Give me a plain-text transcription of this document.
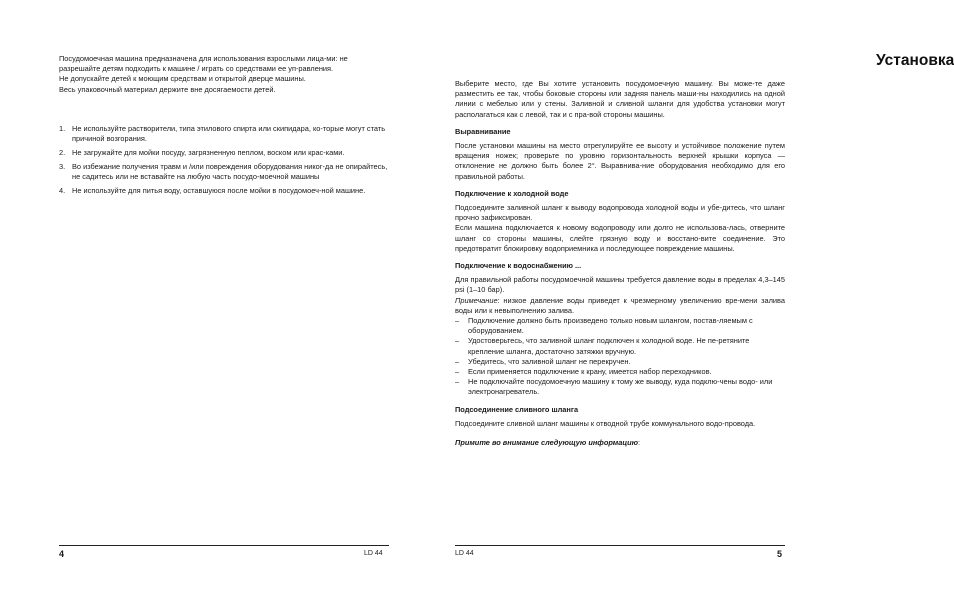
Посудомоечная машина предназначена для использования взрослыми лица-ми: не разрешайте детям подходить к машине / играть со средствами ее уп-равления.

Не допускайте детей к моющим средствам и открытой дверце машины.

Весь упаковочный материал держите вне досягаемости детей.

1. Не используйте растворители, типа этилового спирта или скипидара, ко-торые могут стать причиной возгорания.
2. Не загружайте для мойки посуду, загрязненную пеплом, воском или крас-ками.
3. Во избежание получения травм и /или повреждения оборудования никог-да не опирайтесь, не садитесь или не вставайте на любую часть посудо-моечной машины
4. Не используйте для питья воду, оставшуюся после мойки в посудомоеч-ной машине.
4	LD 44
Установка

Выберите место, где Вы хотите установить посудомоечную машину. Вы може-те даже разместить ее так, чтобы боковые стороны или задняя панель маши-ны находились на одной линии с мебелью или у стены. Заливной и сливной шланги для удобства установки могут располагаться как с левой, так и с пра-вой стороны машины.

Выравнивание

После установки машины на место отрегулируйте ее высоту и устойчивое положение путем вращения ножек; проверьте по уровню горизонтальность верхней крышки корпуса — отклонение не должно быть более 2°. Выравнива-ние оборудования необходимо для его правильной работы.

Подключение к холодной воде

Подсоедините заливной шланг к выводу водопровода холодной воды и убе-дитесь, что шланг прочно зафиксирован.

Если машина подключается к новому водопроводу или долго не использова-лась, отверните шланг со стороны машины, слейте грязную воду и восстано-вите соединение. Это предотвратит блокировку водоприемника и последующее повреждение машины.

Подключение к водоснабжению ...

Для правильной работы посудомоечной машины требуется давление воды в пределах 4,3–145 psi (1–10 бар).

Примечание: низкое давление воды приведет к чрезмерному увеличению вре-мени залива воды или к невыполнению залива.

– Подключение должно быть произведено только новым шлангом, постав-ляемым с оборудованием.
– Удостоверьтесь, что заливной шланг подключен к холодной воде. Не пе-ретяните крепление шланга, достаточно затяжки вручную.
– Убедитесь, что заливной шланг не перекручен.
– Если применяется подключение к крану, имеется набор переходников.
– Не подключайте посудомоечную машину к тому же выводу, куда подклю-чены водо- или электронагреватель.
Подсоединение сливного шланга

Подсоедините сливной шланг машины к отводной трубе коммунального водо-провода.

Примите во внимание следующую информацию:

LD 44	5
